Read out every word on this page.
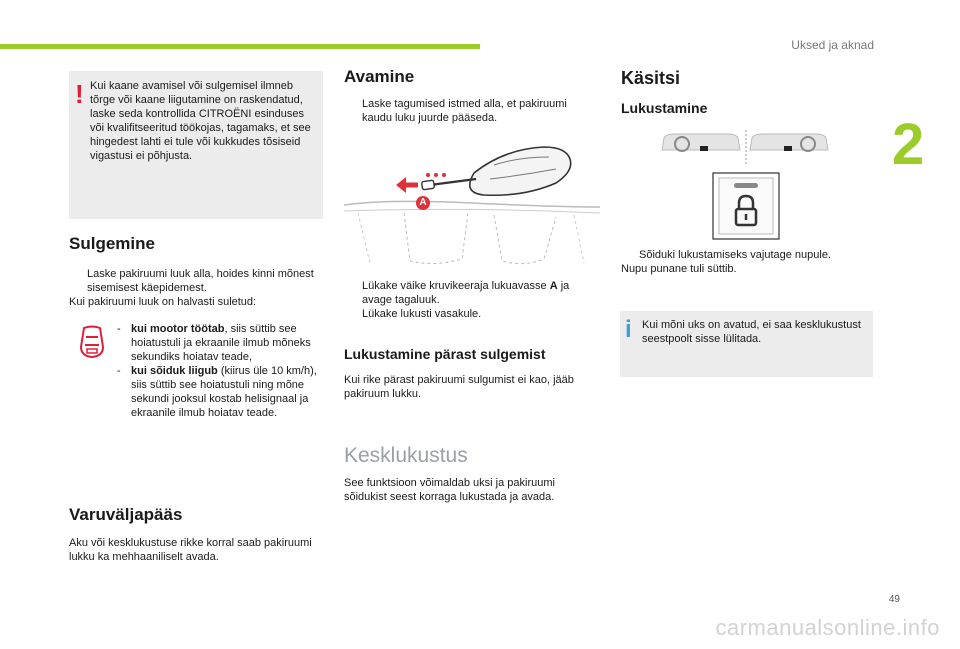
Uksed ja aknad
2
49
carmanualsonline.info
! Kui kaane avamisel või sulgemisel ilmneb tõrge või kaane liigutamine on raskendatud, laske seda kontrollida CITROËNI esinduses või kvalifitseeritud töökojas, tagamaks, et see hingedest lahti ei tule või kukkudes tõsiseid vigastusi ei põhjusta.

Sulgemine
Laske pakiruumi luuk alla, hoides kinni mõnest sisemisest käepidemest.

Kui pakiruumi luuk on halvasti suletud:

- kui mootor töötab, siis süttib see hoiatustuli ja ekraanile ilmub mõneks sekundiks hoiatav teade,
- kui sõiduk liigub (kiirus üle 10 km/h), siis süttib see hoiatustuli ning mõne sekundi jooksul kostab helisignaal ja ekraanile ilmub hoiatav teade.
Varuväljapääs

Aku või kesklukustuse rikke korral saab pakiruumi lukku ka mehhaaniliselt avada.

Avamine
Laske tagumised istmed alla, et pakiruumi kaudu luku juurde pääseda.
A
Lükake väike kruvikeeraja lukuavasse A ja avage tagaluuk.
Lükake lukusti vasakule.
Lukustamine pärast sulgemist

Kui rike pärast pakiruumi sulgumist ei kao, jääb pakiruum lukku.

Kesklukustus

See funktsioon võimaldab uksi ja pakiruumi sõidukist seest korraga lukustada ja avada.

Käsitsi
Lukustamine
Sõiduki lukustamiseks vajutage nupule.

Nupu punane tuli süttib.

i Kui mõni uks on avatud, ei saa kesklukustust seestpoolt sisse lülitada.
